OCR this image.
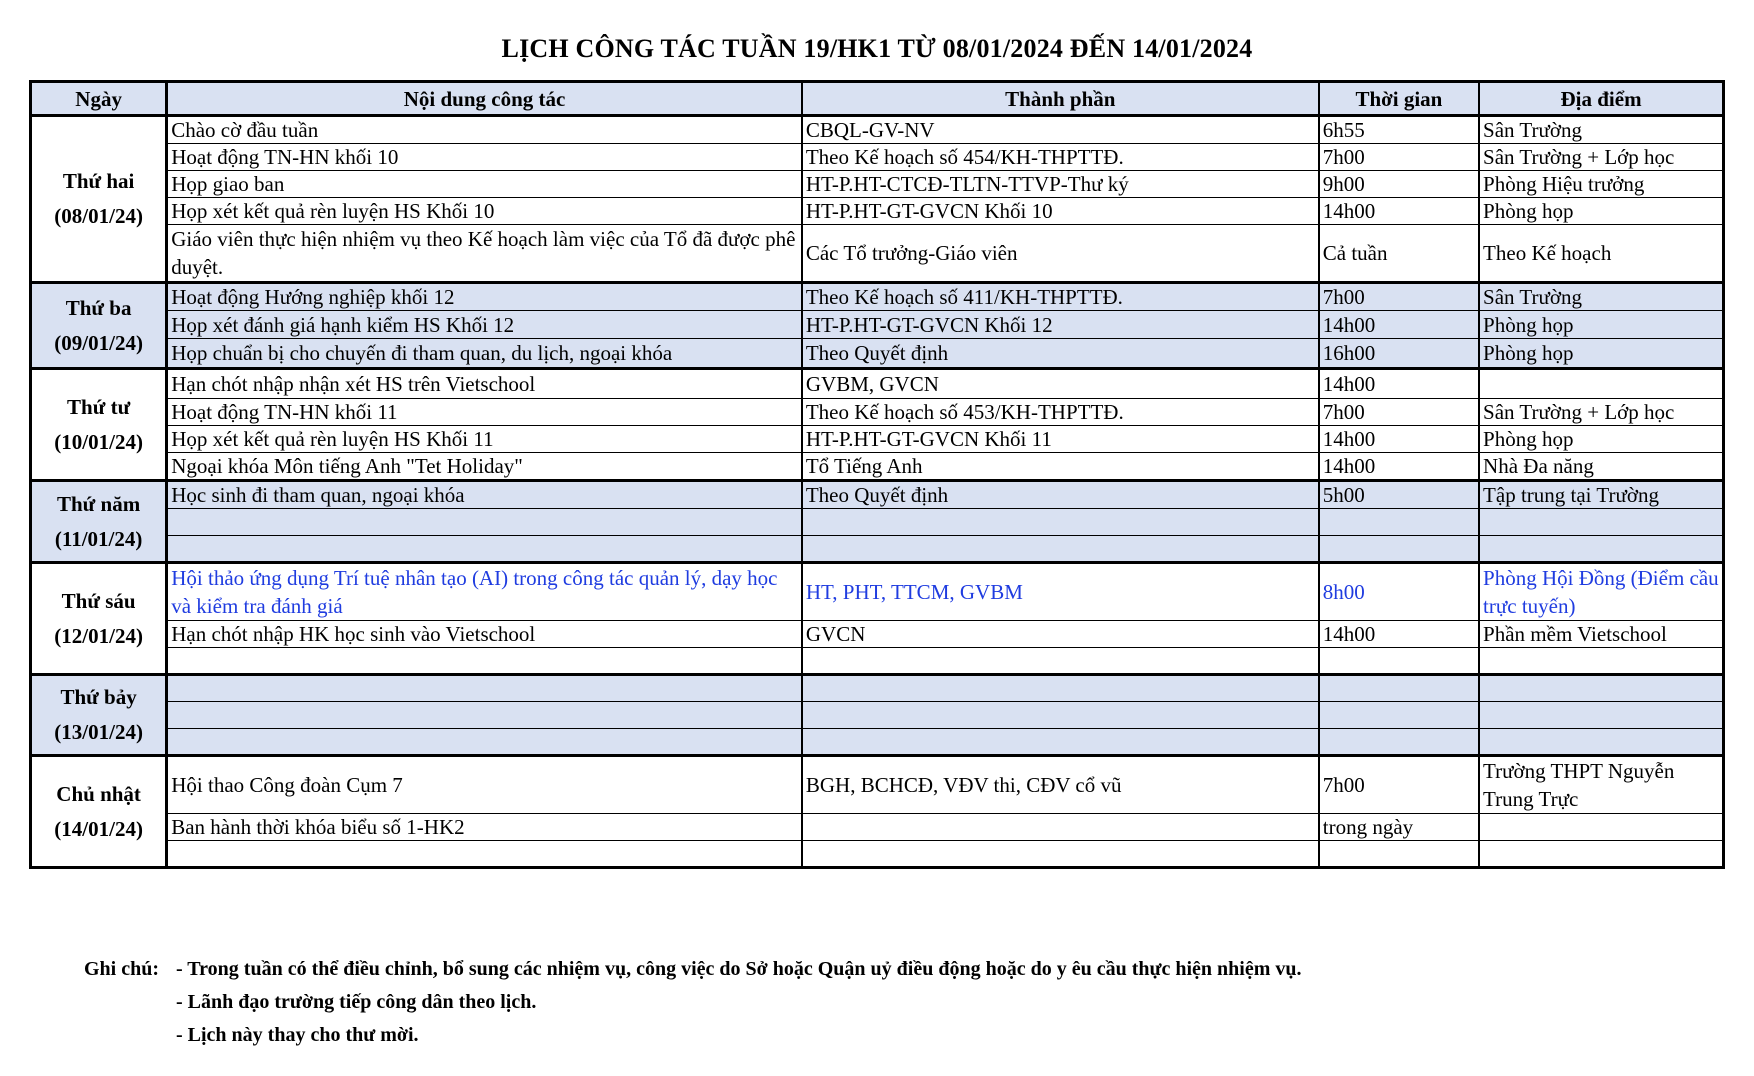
LỊCH CÔNG TÁC TUẦN 19/HK1 TỪ 08/01/2024 ĐẾN 14/01/2024
Ngày	Nội dung công tác	Thành phần	Thời gian	Địa điểm

Thứ hai
(08/01/24)	Chào cờ đầu tuần	CBQL-GV-NV	6h55	Sân Trường
	Hoạt động TN-HN khối 10	Theo Kế hoạch số 454/KH-THPTTĐ.	7h00	Sân Trường + Lớp học
	Họp giao ban	HT-P.HT-CTCĐ-TLTN-TTVP-Thư ký	9h00	Phòng Hiệu trưởng
	Họp xét kết quả rèn luyện HS Khối 10	HT-P.HT-GT-GVCN Khối 10	14h00	Phòng họp
	Giáo viên thực hiện nhiệm vụ theo Kế hoạch làm việc của Tổ đã được phê duyệt.	Các Tổ trưởng-Giáo viên	Cả tuần	Theo Kế hoạch

Thứ ba
(09/01/24)	Hoạt động Hướng nghiệp khối 12	Theo Kế hoạch số 411/KH-THPTTĐ.	7h00	Sân Trường
	Họp xét đánh giá hạnh kiểm HS Khối 12	HT-P.HT-GT-GVCN Khối 12	14h00	Phòng họp
	Họp chuẩn bị cho chuyến đi tham quan, du lịch, ngoại khóa	Theo Quyết định	16h00	Phòng họp

Thứ tư
(10/01/24)	Hạn chót nhập nhận xét HS trên Vietschool	GVBM, GVCN	14h00	
	Hoạt động TN-HN khối 11	Theo Kế hoạch số 453/KH-THPTTĐ.	7h00	Sân Trường + Lớp học
	Họp xét kết quả rèn luyện HS Khối 11	HT-P.HT-GT-GVCN Khối 11	14h00	Phòng họp
	Ngoại khóa Môn tiếng Anh "Tet Holiday"	Tổ Tiếng Anh	14h00	Nhà Đa năng

Thứ năm
(11/01/24)	Học sinh đi tham quan, ngoại khóa	Theo Quyết định	5h00	Tập trung tại Trường

Thứ sáu
(12/01/24)	Hội thảo ứng dụng Trí tuệ nhân tạo (AI) trong công tác quản lý, dạy học và kiểm tra đánh giá	HT, PHT, TTCM, GVBM	8h00	Phòng Hội Đồng (Điểm cầu trực tuyến)
	Hạn chót nhập HK học sinh vào Vietschool	GVCN	14h00	Phần mềm Vietschool

Thứ bảy
(13/01/24)				

Chủ nhật
(14/01/24)	Hội thao Công đoàn Cụm 7	BGH, BCHCĐ, VĐV thi, CĐV cổ vũ	7h00	Trường THPT Nguyễn Trung Trực
	Ban hành thời khóa biểu số 1-HK2		trong ngày	

Ghi chú: - Trong tuần có thể điều chỉnh, bổ sung các nhiệm vụ, công việc do Sở hoặc Quận uỷ điều động hoặc do y êu cầu thực hiện nhiệm vụ.
- Lãnh đạo trường tiếp công dân theo lịch.
- Lịch này thay cho thư mời.
